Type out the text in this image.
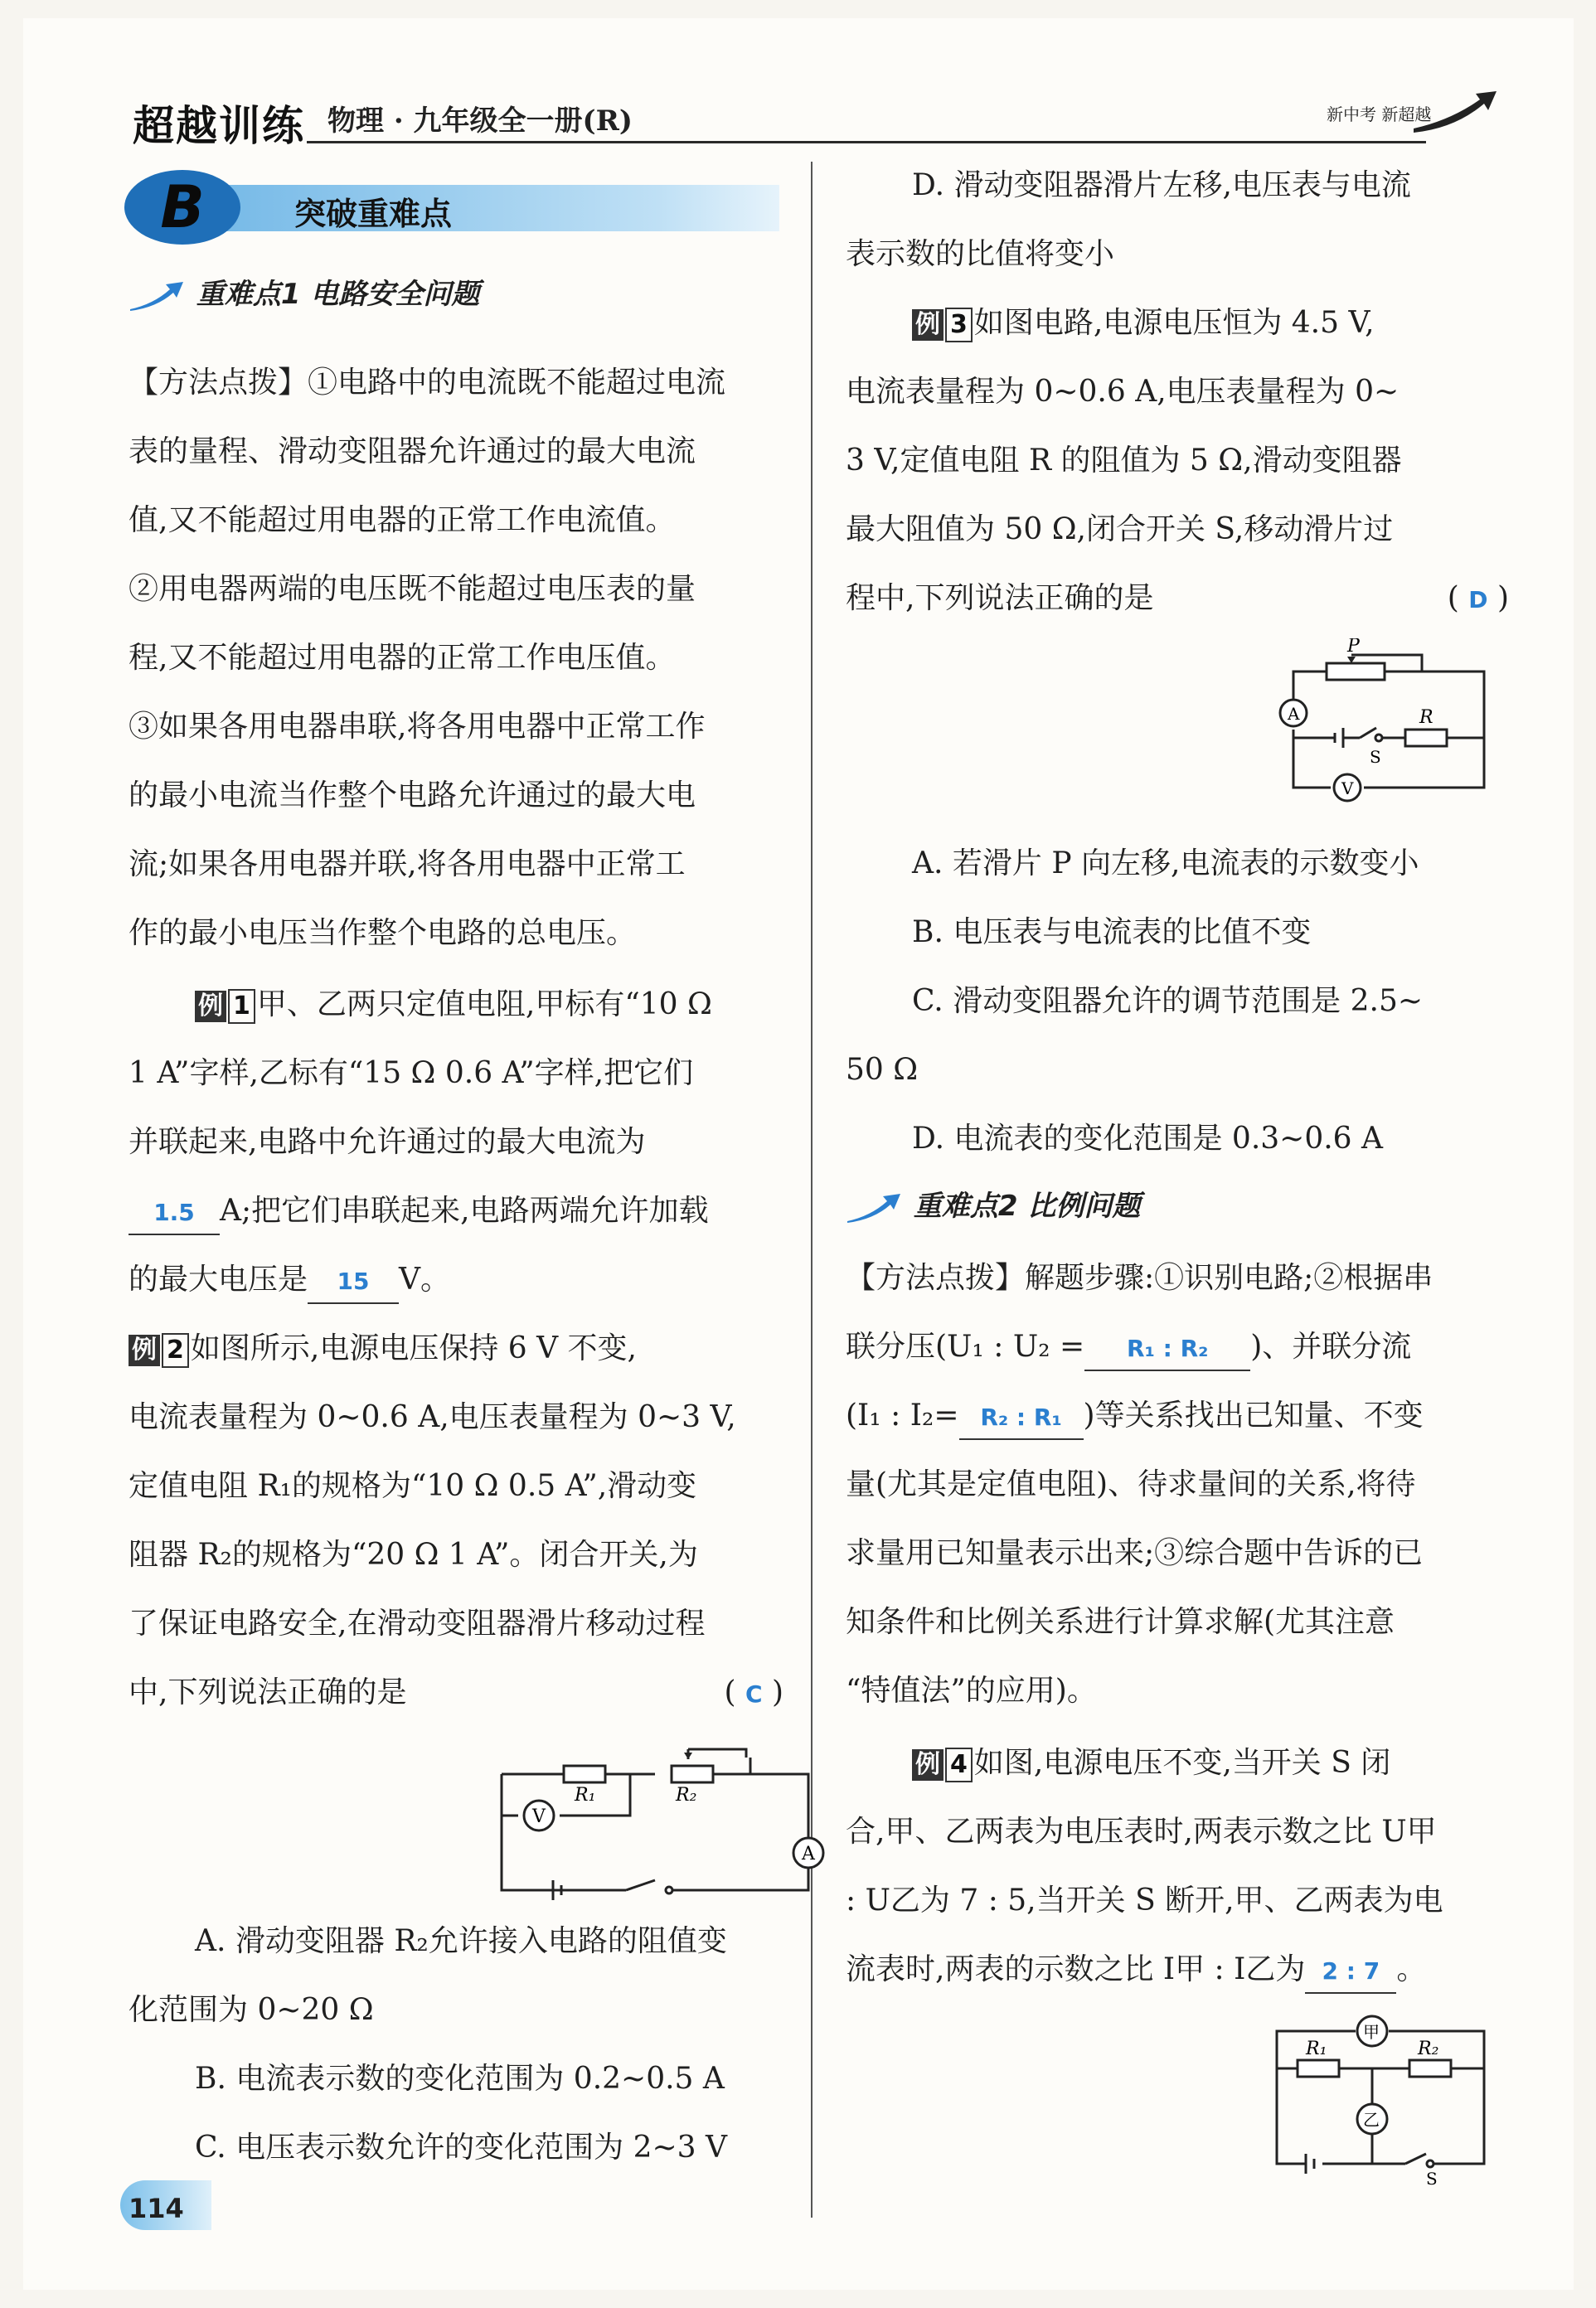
超越训练 物理 · 九年级全一册(R)	新中考 新超越
B	突破重难点
重难点1 电路安全问题
【方法点拨】①电路中的电流既不能超过电流
表的量程、滑动变阻器允许通过的最大电流
值,又不能超过用电器的正常工作电流值。
②用电器两端的电压既不能超过电压表的量
程,又不能超过用电器的正常工作电压值。
③如果各用电器串联,将各用电器中正常工作
的最小电流当作整个电路允许通过的最大电
流;如果各用电器并联,将各用电器中正常工
作的最小电压当作整个电路的总电压。
例 1 甲、乙两只定值电阻,甲标有“10 Ω
1 A”字样,乙标有“15 Ω 0.6 A”字样,把它们
并联起来,电路中允许通过的最大电流为
1.5 A;把它们串联起来,电路两端允许加载
的最大电压是 15 V。
例 2 如图所示,电源电压保持 6 V 不变,
电流表量程为 0~0.6 A,电压表量程为 0~3 V,
定值电阻 R₁的规格为“10 Ω 0.5 A”,滑动变
阻器 R₂的规格为“20 Ω 1 A”。闭合开关,为
了保证电路安全,在滑动变阻器滑片移动过程
中,下列说法正确的是	( C )
R₁	R₂
V
A
A. 滑动变阻器 R₂允许接入电路的阻值变
化范围为 0~20 Ω
B. 电流表示数的变化范围为 0.2~0.5 A
C. 电压表示数允许的变化范围为 2~3 V
D. 滑动变阻器滑片左移,电压表与电流
表示数的比值将变小
例 3 如图电路,电源电压恒为 4.5 V,
电流表量程为 0~0.6 A,电压表量程为 0~
3 V,定值电阻 R 的阻值为 5 Ω,滑动变阻器
最大阻值为 50 Ω,闭合开关 S,移动滑片过
程中,下列说法正确的是	( D )
P
A	R
S
V
A. 若滑片 P 向左移,电流表的示数变小
B. 电压表与电流表的比值不变
C. 滑动变阻器允许的调节范围是 2.5~
50 Ω
D. 电流表的变化范围是 0.3~0.6 A
重难点2 比例问题
【方法点拨】解题步骤:①识别电路;②根据串
联分压(U₁ : U₂ = R₁ : R₂ )、并联分流
(I₁ : I₂= R₂ : R₁ )等关系找出已知量、不变
量(尤其是定值电阻)、待求量间的关系,将待
求量用已知量表示出来;③综合题中告诉的已
知条件和比例关系进行计算求解(尤其注意
“特值法”的应用)。
例 4 如图,电源电压不变,当开关 S 闭
合,甲、乙两表为电压表时,两表示数之比 U甲
: U乙为 7 : 5,当开关 S 断开,甲、乙两表为电
流表时,两表的示数之比 I甲 : I乙为 2 : 7 。
甲
乙
R₁	R₂
S
114
